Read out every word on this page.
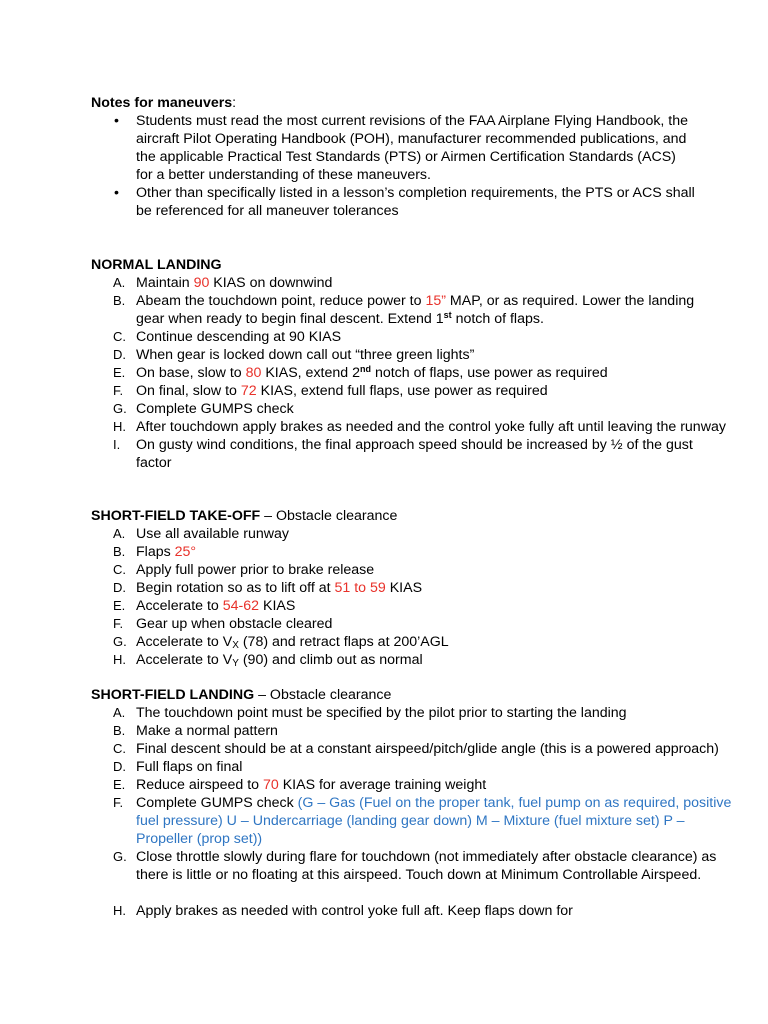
Notes for maneuvers:
• Students must read the most current revisions of the FAA Airplane Flying Handbook, the aircraft Pilot Operating Handbook (POH), manufacturer recommended publications, and the applicable Practical Test Standards (PTS) or Airmen Certification Standards (ACS) for a better understanding of these maneuvers.
• Other than specifically listed in a lesson’s completion requirements, the PTS or ACS shall be referenced for all maneuver tolerances
NORMAL LANDING
A. Maintain 90 KIAS on downwind
B. Abeam the touchdown point, reduce power to 15” MAP, or as required. Lower the landing gear when ready to begin final descent. Extend 1st notch of flaps.
C. Continue descending at 90 KIAS
D. When gear is locked down call out “three green lights”
E. On base, slow to 80 KIAS, extend 2nd notch of flaps, use power as required
F. On final, slow to 72 KIAS, extend full flaps, use power as required
G. Complete GUMPS check
H. After touchdown apply brakes as needed and the control yoke fully aft until leaving the runway
I. On gusty wind conditions, the final approach speed should be increased by ½ of the gust factor
SHORT-FIELD TAKE-OFF – Obstacle clearance
A. Use all available runway
B. Flaps 25°
C. Apply full power prior to brake release
D. Begin rotation so as to lift off at 51 to 59 KIAS
E. Accelerate to 54-62 KIAS
F. Gear up when obstacle cleared
G. Accelerate to $V_X$ (78) and retract flaps at 200’AGL
H. Accelerate to $V_Y$ (90) and climb out as normal
SHORT-FIELD LANDING – Obstacle clearance
A. The touchdown point must be specified by the pilot prior to starting the landing
B. Make a normal pattern
C. Final descent should be at a constant airspeed/pitch/glide angle (this is a powered approach)
D. Full flaps on final
E. Reduce airspeed to 70 KIAS for average training weight
F. Complete GUMPS check (G – Gas (Fuel on the proper tank, fuel pump on as required, positive fuel pressure) U – Undercarriage (landing gear down) M – Mixture (fuel mixture set) P – Propeller (prop set))
G. Close throttle slowly during flare for touchdown (not immediately after obstacle clearance) as there is little or no floating at this airspeed. Touch down at Minimum Controllable Airspeed.
H. Apply brakes as needed with control yoke full aft. Keep flaps down for
